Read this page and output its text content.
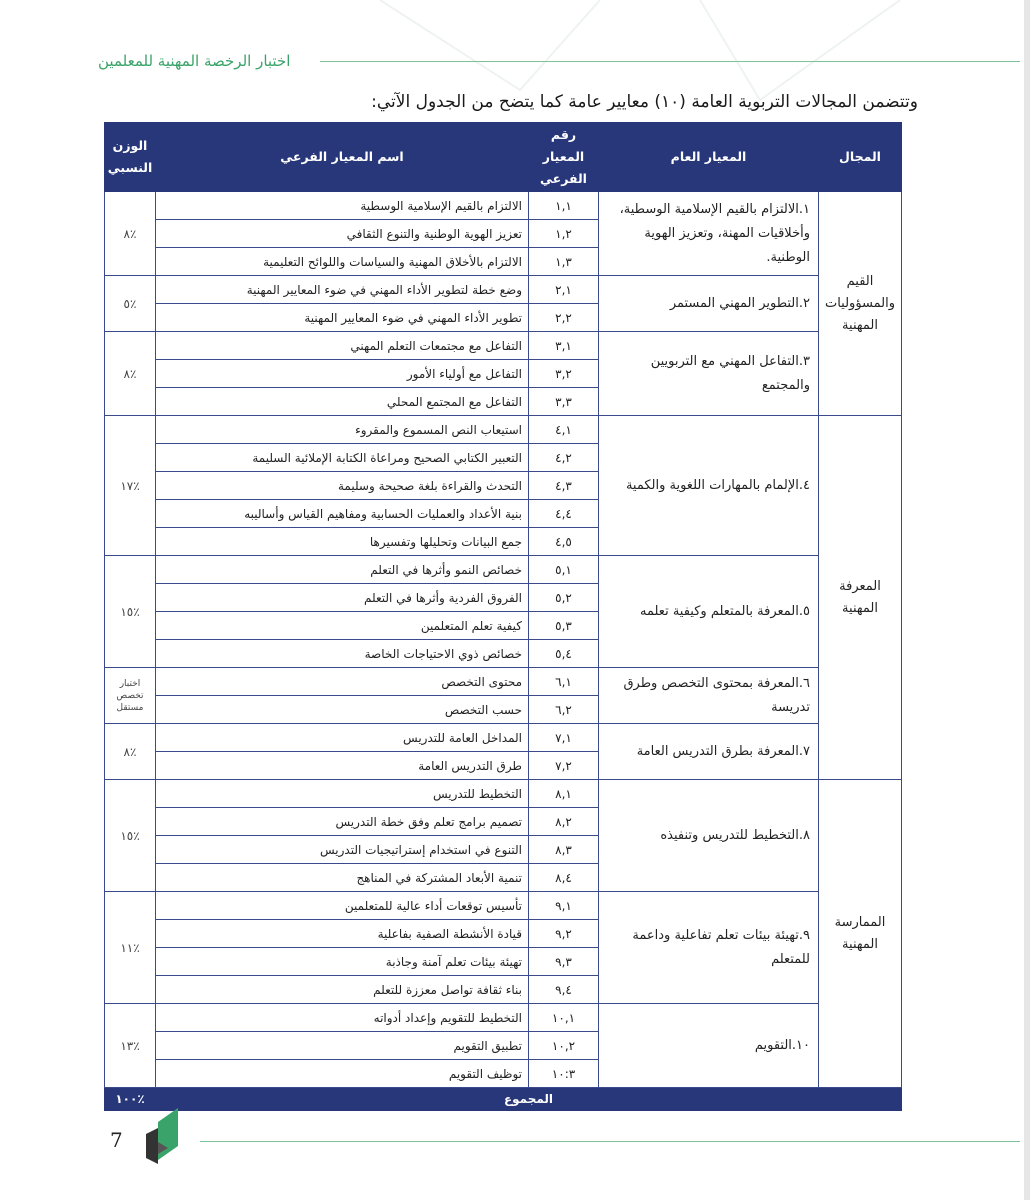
اختبار الرخصة المهنية للمعلمين
وتتضمن المجالات التربوية العامة (١٠) معايير عامة كما يتضح من الجدول الآتي:
المجال	المعيار العام	رقم المعيار الفرعي	اسم المعيار الفرعي	الوزن النسبي
القيم والمسؤوليات المهنية	١.الالتزام بالقيم الإسلامية الوسطية، وأخلاقيات المهنة، وتعزيز الهوية الوطنية.	١,١	الالتزام بالقيم الإسلامية الوسطية	٪٨
		١,٢	تعزيز الهوية الوطنية والتنوع الثقافي	
		١,٣	الالتزام بالأخلاق المهنية والسياسات واللوائح التعليمية	
	٢.التطوير المهني المستمر	٢,١	وضع خطة لتطوير الأداء المهني في ضوء المعايير المهنية	٪٥
		٢,٢	تطوير الأداء المهني في ضوء المعايير المهنية	
	٣.التفاعل المهني مع التربويين والمجتمع	٣,١	التفاعل مع مجتمعات التعلم المهني	٪٨
		٣,٢	التفاعل مع أولياء الأمور	
		٣,٣	التفاعل مع المجتمع المحلي	
المعرفة المهنية	٤.الإلمام بالمهارات اللغوية والكمية	٤,١	استيعاب النص المسموع والمقروء	٪١٧
		٤,٢	التعبير الكتابي الصحيح ومراعاة الكتابة الإملائية السليمة	
		٤,٣	التحدث والقراءة بلغة صحيحة وسليمة	
		٤,٤	بنية الأعداد والعمليات الحسابية ومفاهيم القياس وأساليبه	
		٤,٥	جمع البيانات وتحليلها وتفسيرها	
	٥.المعرفة بالمتعلم وكيفية تعلمه	٥,١	خصائص النمو وأثرها في التعلم	٪١٥
		٥,٢	الفروق الفردية وأثرها في التعلم	
		٥,٣	كيفية تعلم المتعلمين	
		٥,٤	خصائص ذوي الاحتياجات الخاصة	
	٦.المعرفة بمحتوى التخصص وطرق تدريسة	٦,١	محتوى التخصص	اختبار تخصص مستقل
		٦,٢	حسب التخصص	
	٧.المعرفة بطرق التدريس العامة	٧,١	المداخل العامة للتدريس	٪٨
		٧,٢	طرق التدريس العامة	
الممارسة المهنية	٨.التخطيط للتدريس وتنفيذه	٨,١	التخطيط للتدريس	٪١٥
		٨,٢	تصميم برامج تعلم وفق خطة التدريس	
		٨,٣	التنوع في استخدام إستراتيجيات التدريس	
		٨,٤	تنمية الأبعاد المشتركة في المناهج	
	٩.تهيئة بيئات تعلم تفاعلية وداعمة للمتعلم	٩,١	تأسيس توقعات أداء عالية للمتعلمين	٪١١
		٩,٢	قيادة الأنشطة الصفية بفاعلية	
		٩,٣	تهيئة بيئات تعلم آمنة وجاذبة	
		٩,٤	بناء ثقافة تواصل معززة للتعلم	
	١٠.التقويم	١٠,١	التخطيط للتقويم وإعداد أدواته	٪١٣
		١٠,٢	تطبيق التقويم	
		١٠:٣	توظيف التقويم	
المجموع				٪١٠٠
7
